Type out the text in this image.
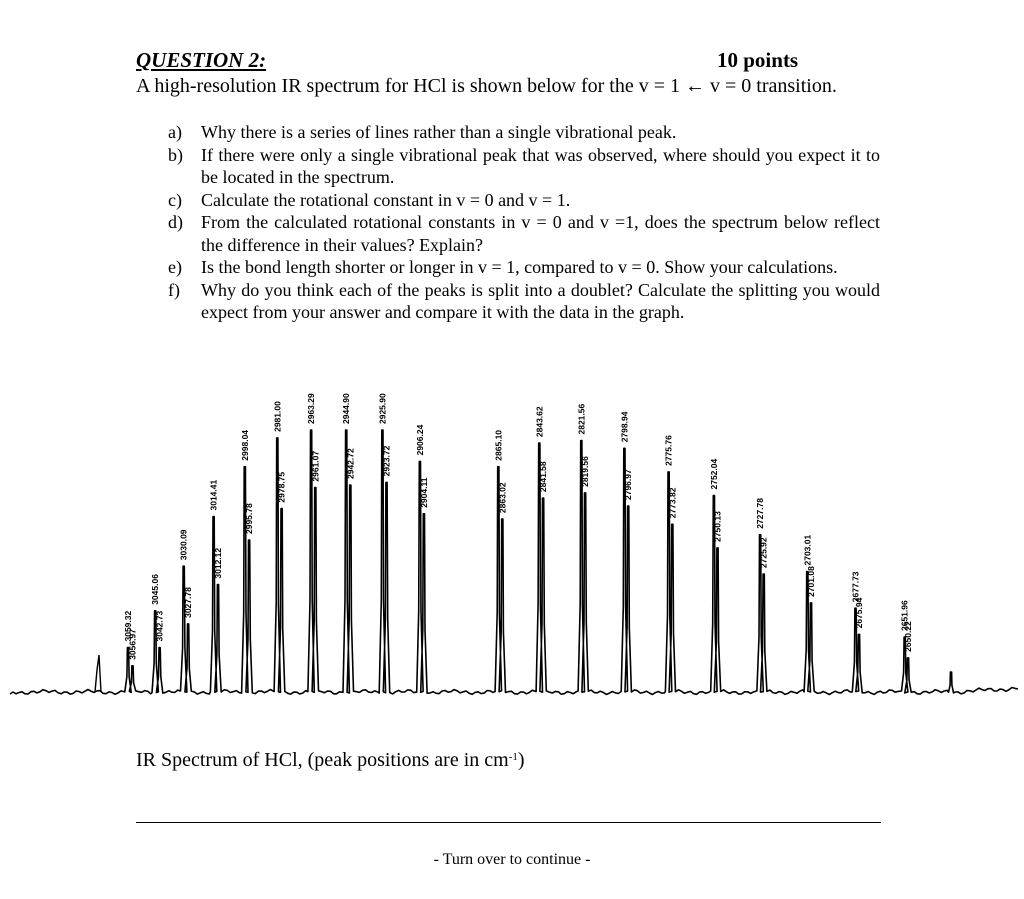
QUESTION 2:	10 points
A high-resolution IR spectrum for HCl is shown below for the v = 1 ← v = 0 transition.
a)	Why there is a series of lines rather than a single vibrational peak.
b)	If there were only a single vibrational peak that was observed, where should you expect it to be located in the spectrum.
c)	Calculate the rotational constant in v = 0 and v = 1.
d)	From the calculated rotational constants in v = 0 and v =1, does the spectrum below reflect the difference in their values? Explain?
e)	Is the bond length shorter or longer in v = 1, compared to v = 0. Show your calculations.
f)	Why do you think each of the peaks is split into a doublet? Calculate the splitting you would expect from your answer and compare it with the data in the graph.
3059.32
3056.97
3045.06
3042.73
3030.09
3027.78
3014.41
3012.12
2998.04
2995.78
2981.00
2978.75
2963.29
2961.07
2944.90
2942.72
2925.90
2923.72
2906.24
2904.11
2865.10
2863.02
2843.62
2841.58
2821.56
2819.56
2798.94
2796.97
2775.76
2773.82
2752.04
2750.13	2727.78
2725.92	2703.01
2701.08	2677.73
2675.94	2651.96
2650.22
IR Spectrum of HCl, (peak positions are in $cm^{-1}$)
- Turn over to continue -
